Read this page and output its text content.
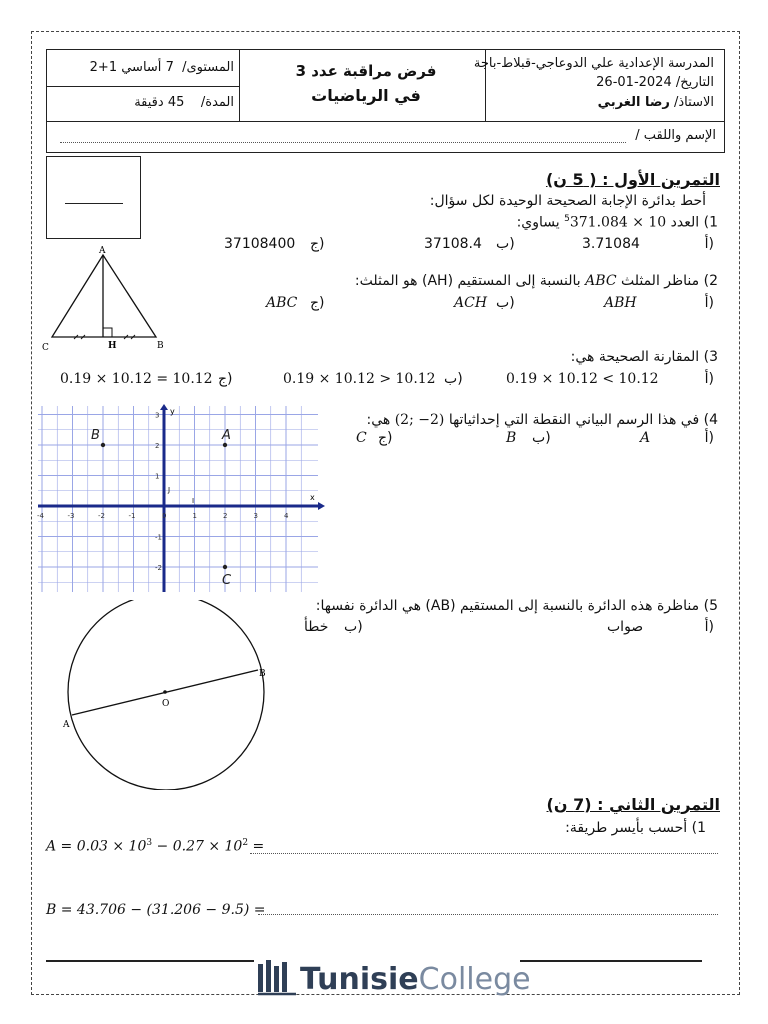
المدرسة الإعدادية علي الدوعاجي-قبلاط-باجة
التاريخ/ 2024-01-26
الاستاذ/ رضا الغربي
فرض مراقبة عدد 3
في الرياضيات
المستوى/  7 أساسي 1+2
المدة/    45 دقيقة
الإسم واللقب /
التمرين الأول : ( 5 ن)
أحط بدائرة الإجابة الصحيحة الوحيدة لكل سؤال:
1) العدد $371.084 \times 10^5$ يساوي:
أ)
3.71084
ب)
37108.4
ج)
37108400
A
C	H	B
2) مناظر المثلث ABC بالنسبة إلى المستقيم (AH) هو المثلث:
أ)
ABH
ب)
ACH
ج)
ABC
3) المقارنة الصحيحة هي:
أ)
0.19 × 10.12 < 10.12
ب)
0.19 × 10.12 > 10.12
ج)
0.19 × 10.12 = 10.12
x
y
-4	-3	-2	-1	0	1	2	3	4
3
2
1
-1
-2
I
J
A
B
C
4) في هذا الرسم البياني النقطة التي إحداثياتها (2; −2) هي:
أ)
A
ب)
B
ج)
C
5) مناظرة هذه الدائرة بالنسبة إلى المستقيم (AB) هي الدائرة نفسها:
أ)
صواب
ب)
خطأ
A
B
O
التمرين الثاني : (7 ن)
1) أحسب بأيسر طريقة:
$A = 0.03 \times 10^3 - 0.27 \times 10^2$ =
B = 43.706 − (31.206 − 9.5) =
TunisieCollege
